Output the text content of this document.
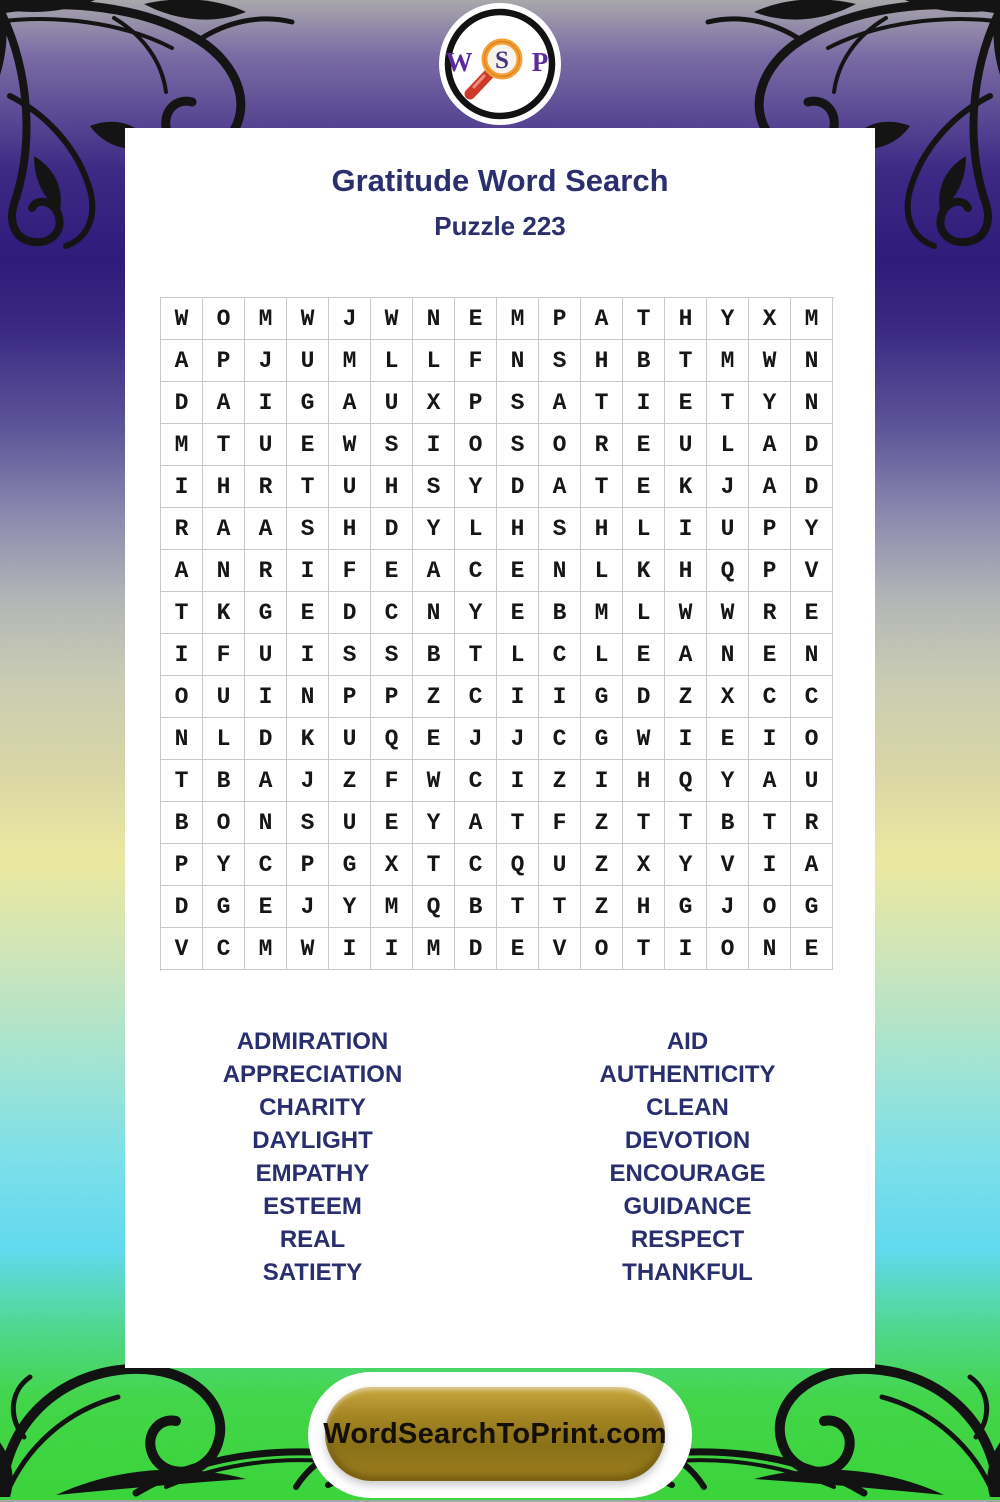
W P
S
Gratitude Word Search
Puzzle 223
W	O	M	W	J	W	N	E	M	P	A	T	H	Y	X	M
A	P	J	U	M	L	L	F	N	S	H	B	T	M	W	N
D	A	I	G	A	U	X	P	S	A	T	I	E	T	Y	N
M	T	U	E	W	S	I	O	S	O	R	E	U	L	A	D
I	H	R	T	U	H	S	Y	D	A	T	E	K	J	A	D
R	A	A	S	H	D	Y	L	H	S	H	L	I	U	P	Y
A	N	R	I	F	E	A	C	E	N	L	K	H	Q	P	V
T	K	G	E	D	C	N	Y	E	B	M	L	W	W	R	E
I	F	U	I	S	S	B	T	L	C	L	E	A	N	E	N
O	U	I	N	P	P	Z	C	I	I	G	D	Z	X	C	C
N	L	D	K	U	Q	E	J	J	C	G	W	I	E	I	O
T	B	A	J	Z	F	W	C	I	Z	I	H	Q	Y	A	U
B	O	N	S	U	E	Y	A	T	F	Z	T	T	B	T	R
P	Y	C	P	G	X	T	C	Q	U	Z	X	Y	V	I	A
D	G	E	J	Y	M	Q	B	T	T	Z	H	G	J	O	G
V	C	M	W	I	I	M	D	E	V	O	T	I	O	N	E
ADMIRATION
APPRECIATION
CHARITY
DAYLIGHT
EMPATHY
ESTEEM
REAL
SATIETY
AID
AUTHENTICITY
CLEAN
DEVOTION
ENCOURAGE
GUIDANCE
RESPECT
THANKFUL
WordSearchToPrint.com
